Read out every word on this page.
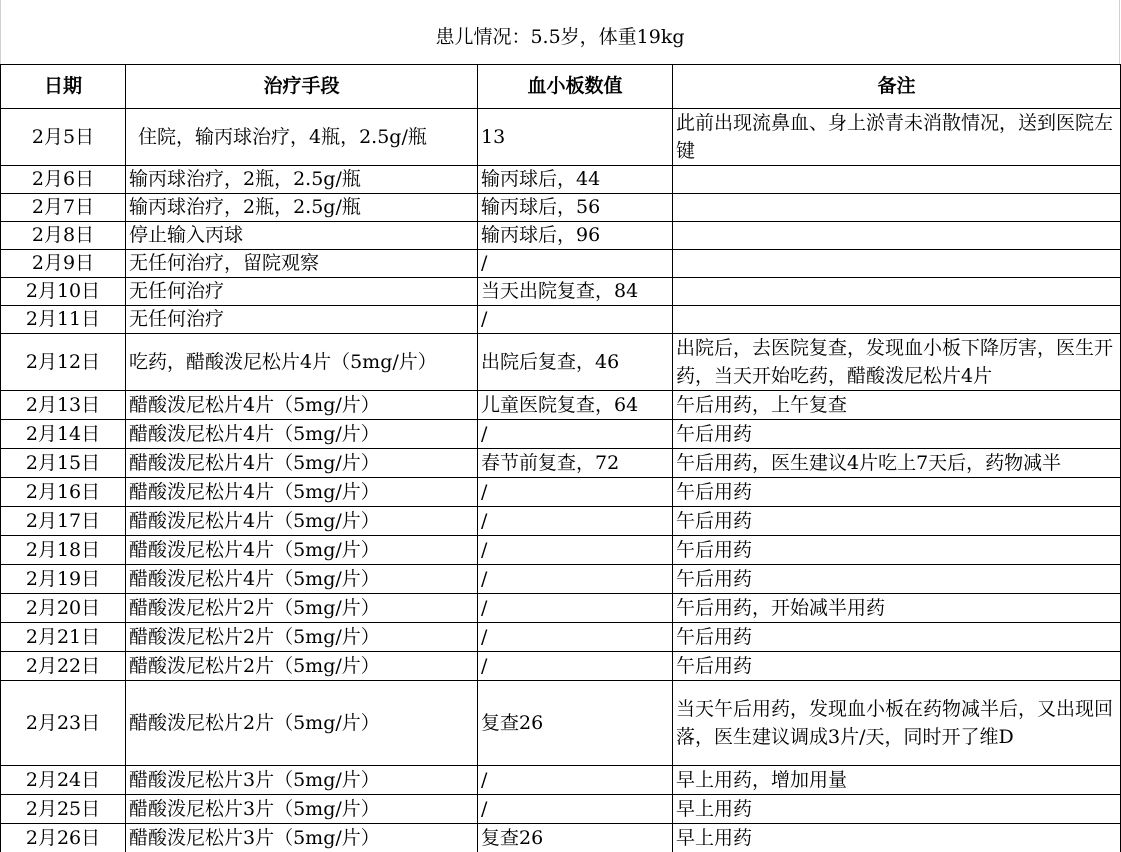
患儿情况：5.5岁，体重19kg
日期	治疗手段	血小板数值	备注
2月5日	住院，输丙球治疗，4瓶，2.5g/瓶	13	此前出现流鼻血、身上淤青未消散情况，送到医院左键
2月6日	输丙球治疗，2瓶，2.5g/瓶	输丙球后，44	
2月7日	输丙球治疗，2瓶，2.5g/瓶	输丙球后，56	
2月8日	停止输入丙球	输丙球后，96	
2月9日	无任何治疗，留院观察	/	
2月10日	无任何治疗	当天出院复查，84	
2月11日	无任何治疗	/	
2月12日	吃药，醋酸泼尼松片4片（5mg/片）	出院后复查，46	出院后，去医院复查，发现血小板下降厉害，医生开药，当天开始吃药，醋酸泼尼松片4片
2月13日	醋酸泼尼松片4片（5mg/片）	儿童医院复查，64	午后用药，上午复查
2月14日	醋酸泼尼松片4片（5mg/片）	/	午后用药
2月15日	醋酸泼尼松片4片（5mg/片）	春节前复查，72	午后用药，医生建议4片吃上7天后，药物减半
2月16日	醋酸泼尼松片4片（5mg/片）	/	午后用药
2月17日	醋酸泼尼松片4片（5mg/片）	/	午后用药
2月18日	醋酸泼尼松片4片（5mg/片）	/	午后用药
2月19日	醋酸泼尼松片4片（5mg/片）	/	午后用药
2月20日	醋酸泼尼松片2片（5mg/片）	/	午后用药，开始减半用药
2月21日	醋酸泼尼松片2片（5mg/片）	/	午后用药
2月22日	醋酸泼尼松片2片（5mg/片）	/	午后用药
2月23日	醋酸泼尼松片2片（5mg/片）	复查26	当天午后用药，发现血小板在药物减半后，又出现回落，医生建议调成3片/天，同时开了维D
2月24日	醋酸泼尼松片3片（5mg/片）	/	早上用药，增加用量
2月25日	醋酸泼尼松片3片（5mg/片）	/	早上用药
2月26日	醋酸泼尼松片3片（5mg/片）	复查26	早上用药
